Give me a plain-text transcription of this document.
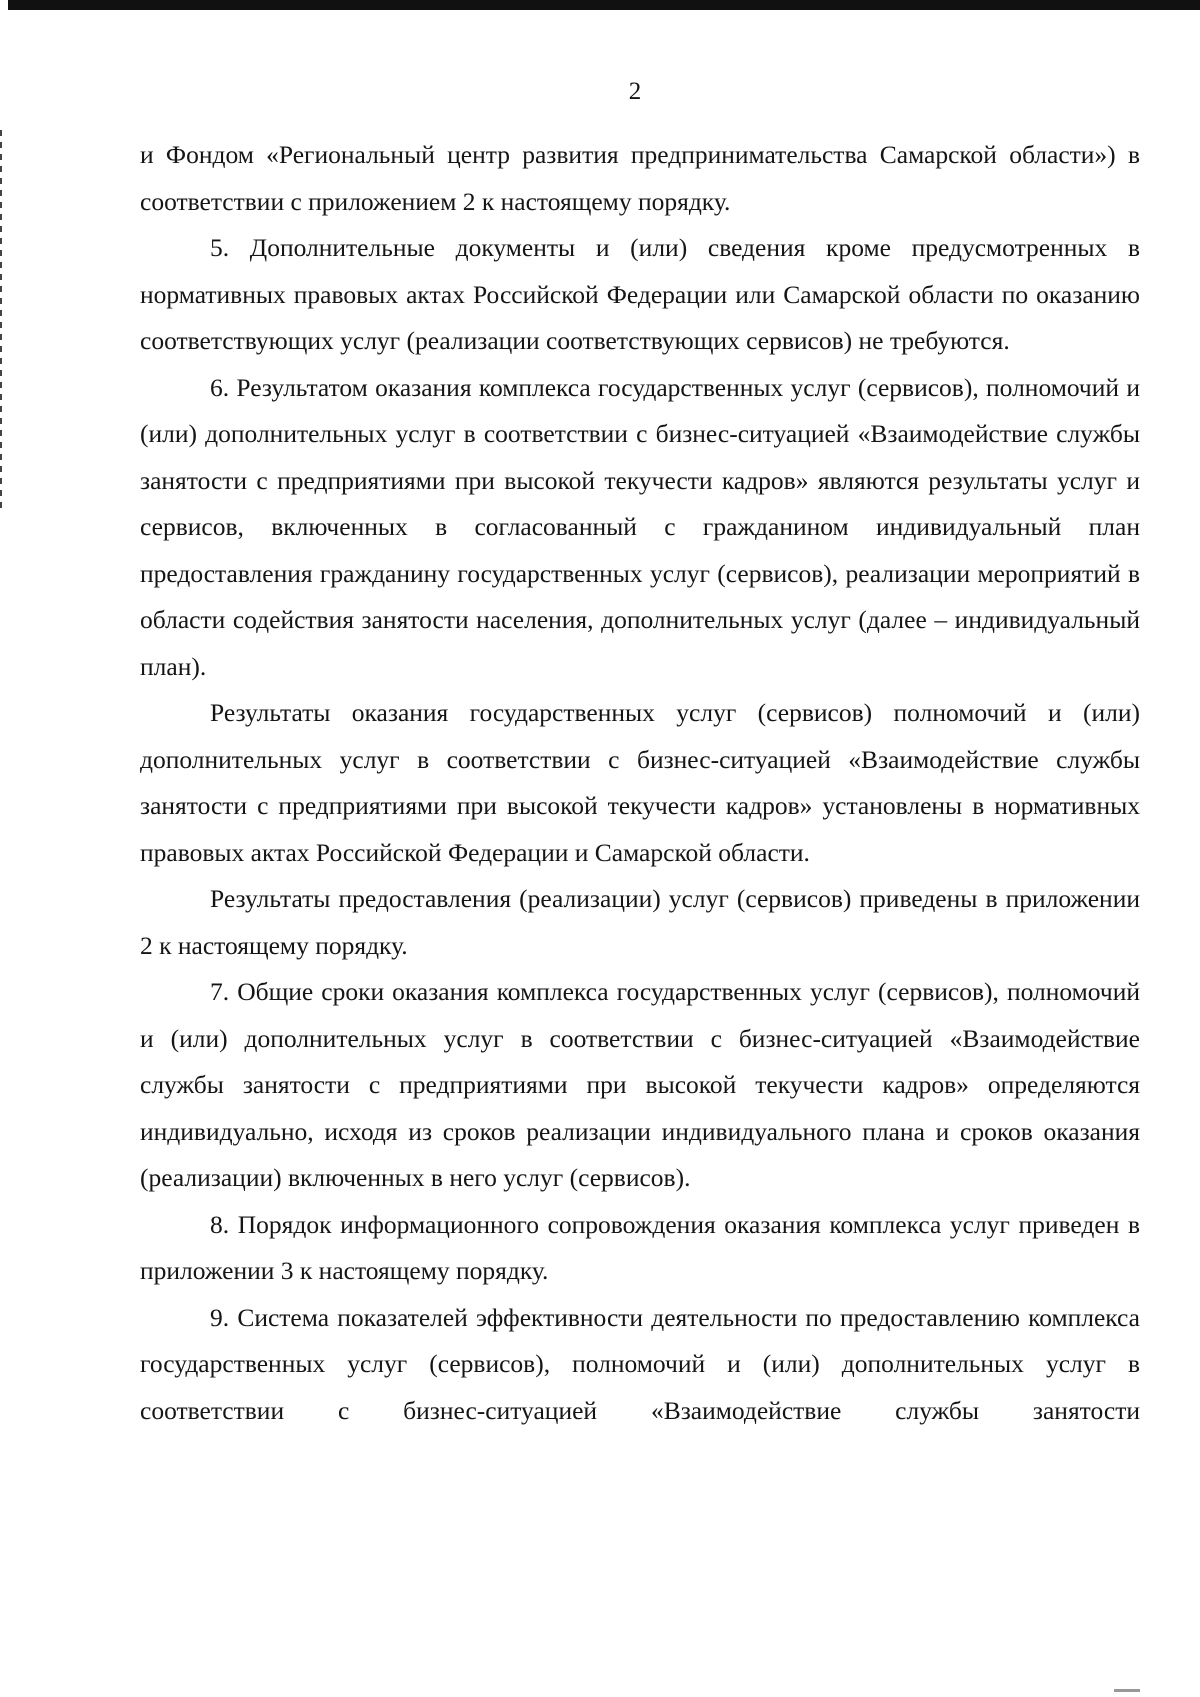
2

и Фондом «Региональный центр развития предпринимательства Самарской области») в соответствии с приложением 2 к настоящему порядку.

5. Дополнительные документы и (или) сведения кроме предусмотренных в нормативных правовых актах Российской Федерации или Самарской области по оказанию соответствующих услуг (реализации соответствующих сервисов) не требуются.

6. Результатом оказания комплекса государственных услуг (сервисов), полномочий и (или) дополнительных услуг в соответствии с бизнес-ситуацией «Взаимодействие службы занятости с предприятиями при высокой текучести кадров» являются результаты услуг и сервисов, включенных в согласованный с гражданином индивидуальный план предоставления гражданину государственных услуг (сервисов), реализации мероприятий в области содействия занятости населения, дополнительных услуг (далее – индивидуальный план).

Результаты оказания государственных услуг (сервисов) полномочий и (или) дополнительных услуг в соответствии с бизнес-ситуацией «Взаимодействие службы занятости с предприятиями при высокой текучести кадров» установлены в нормативных правовых актах Российской Федерации и Самарской области.

Результаты предоставления (реализации) услуг (сервисов) приведены в приложении 2 к настоящему порядку.

7. Общие сроки оказания комплекса государственных услуг (сервисов), полномочий и (или) дополнительных услуг в соответствии с бизнес-ситуацией «Взаимодействие службы занятости с предприятиями при высокой текучести кадров» определяются индивидуально, исходя из сроков реализации индивидуального плана и сроков оказания (реализации) включенных в него услуг (сервисов).

8. Порядок информационного сопровождения оказания комплекса услуг приведен в приложении 3 к настоящему порядку.

9. Система показателей эффективности деятельности по предоставлению комплекса государственных услуг (сервисов), полномочий и (или) дополнительных услуг в соответствии с бизнес-ситуацией «Взаимодействие службы занятости
